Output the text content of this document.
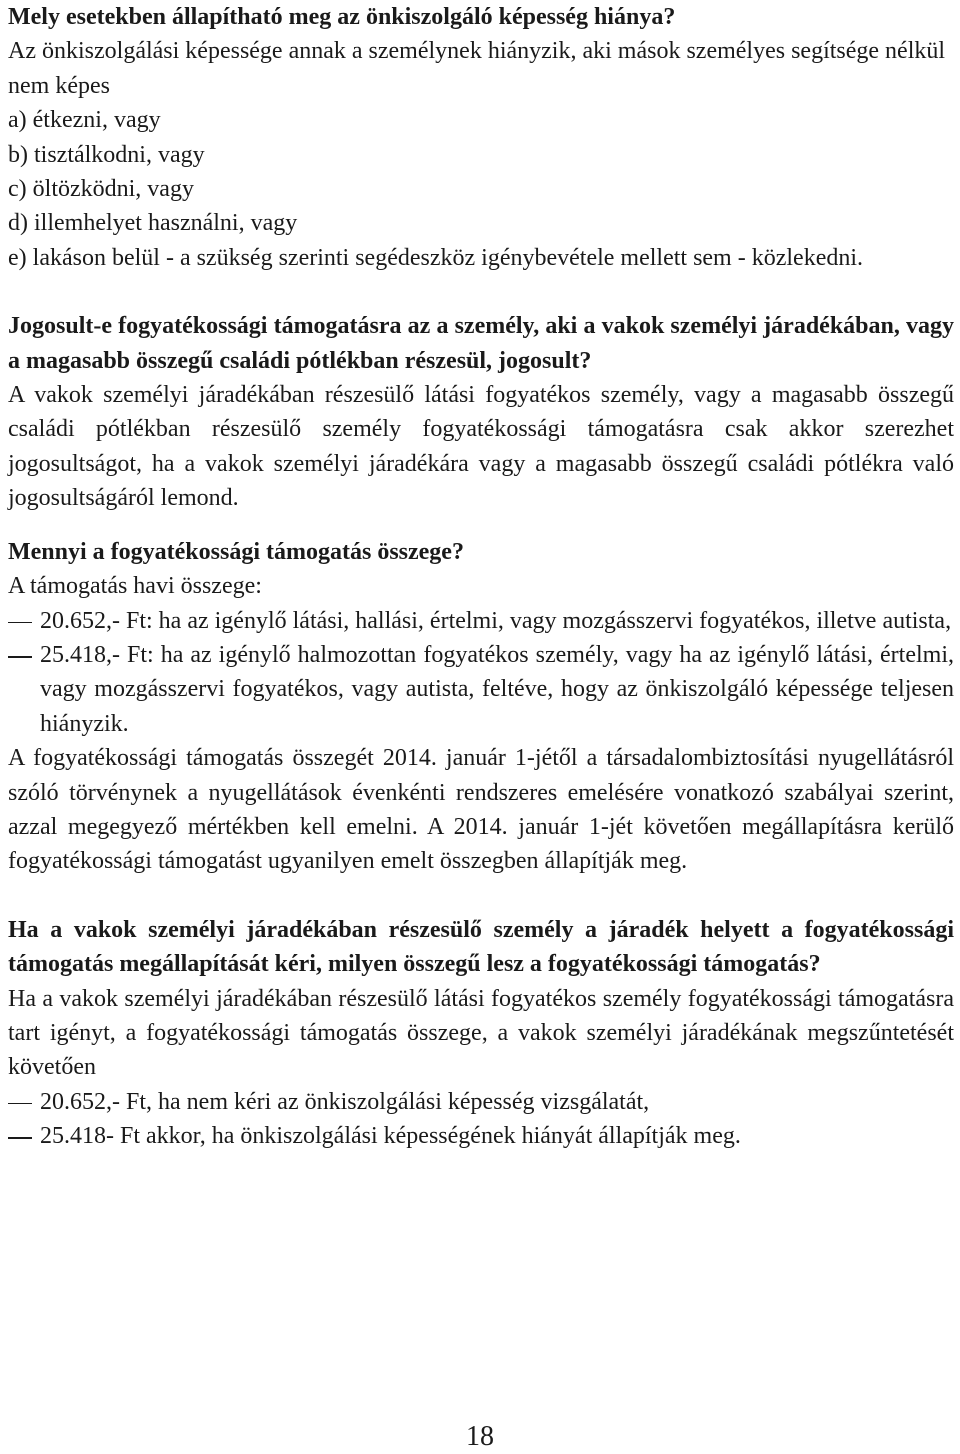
Mely esetekben állapítható meg az önkiszolgáló képesség hiánya?

Az önkiszolgálási képessége annak a személynek hiányzik, aki mások személyes segítsége nélkül nem képes

a) étkezni, vagy

b) tisztálkodni, vagy

c) öltözködni, vagy

d) illemhelyet használni, vagy

e) lakáson belül - a szükség szerinti segédeszköz igénybevétele mellett sem - közlekedni.

Jogosult-e fogyatékossági támogatásra az a személy, aki a vakok személyi járadékában, vagy a magasabb összegű családi pótlékban részesül, jogosult?

A vakok személyi járadékában részesülő látási fogyatékos személy, vagy a magasabb összegű családi pótlékban részesülő személy fogyatékossági támogatásra csak akkor szerezhet jogosultságot, ha a vakok személyi járadékára vagy a magasabb összegű családi pótlékra való jogosultságáról lemond.

Mennyi a fogyatékossági támogatás összege?

A támogatás havi összege:

20.652,- Ft: ha az igénylő látási, hallási, értelmi, vagy mozgásszervi fogyatékos, illetve autista,
25.418,- Ft: ha az igénylő halmozottan fogyatékos személy, vagy ha az igénylő látási, értelmi, vagy mozgásszervi fogyatékos, vagy autista, feltéve, hogy az önkiszolgáló képessége teljesen hiányzik.

A fogyatékossági támogatás összegét 2014. január 1-jétől a társadalombiztosítási nyugellátásról szóló törvénynek a nyugellátások évenkénti rendszeres emelésére vonatkozó szabályai szerint, azzal megegyező mértékben kell emelni. A 2014. január 1-jét követően megállapításra kerülő fogyatékossági támogatást ugyanilyen emelt összegben állapítják meg.

Ha a vakok személyi járadékában részesülő személy a járadék helyett a fogyatékossági támogatás megállapítását kéri, milyen összegű lesz a fogyatékossági támogatás?

Ha a vakok személyi járadékában részesülő látási fogyatékos személy fogyatékossági támogatásra tart igényt, a fogyatékossági támogatás összege, a vakok személyi járadékának megszűntetését követően

20.652,- Ft, ha nem kéri az önkiszolgálási képesség vizsgálatát,
25.418- Ft akkor, ha önkiszolgálási képességének hiányát állapítják meg.
18
